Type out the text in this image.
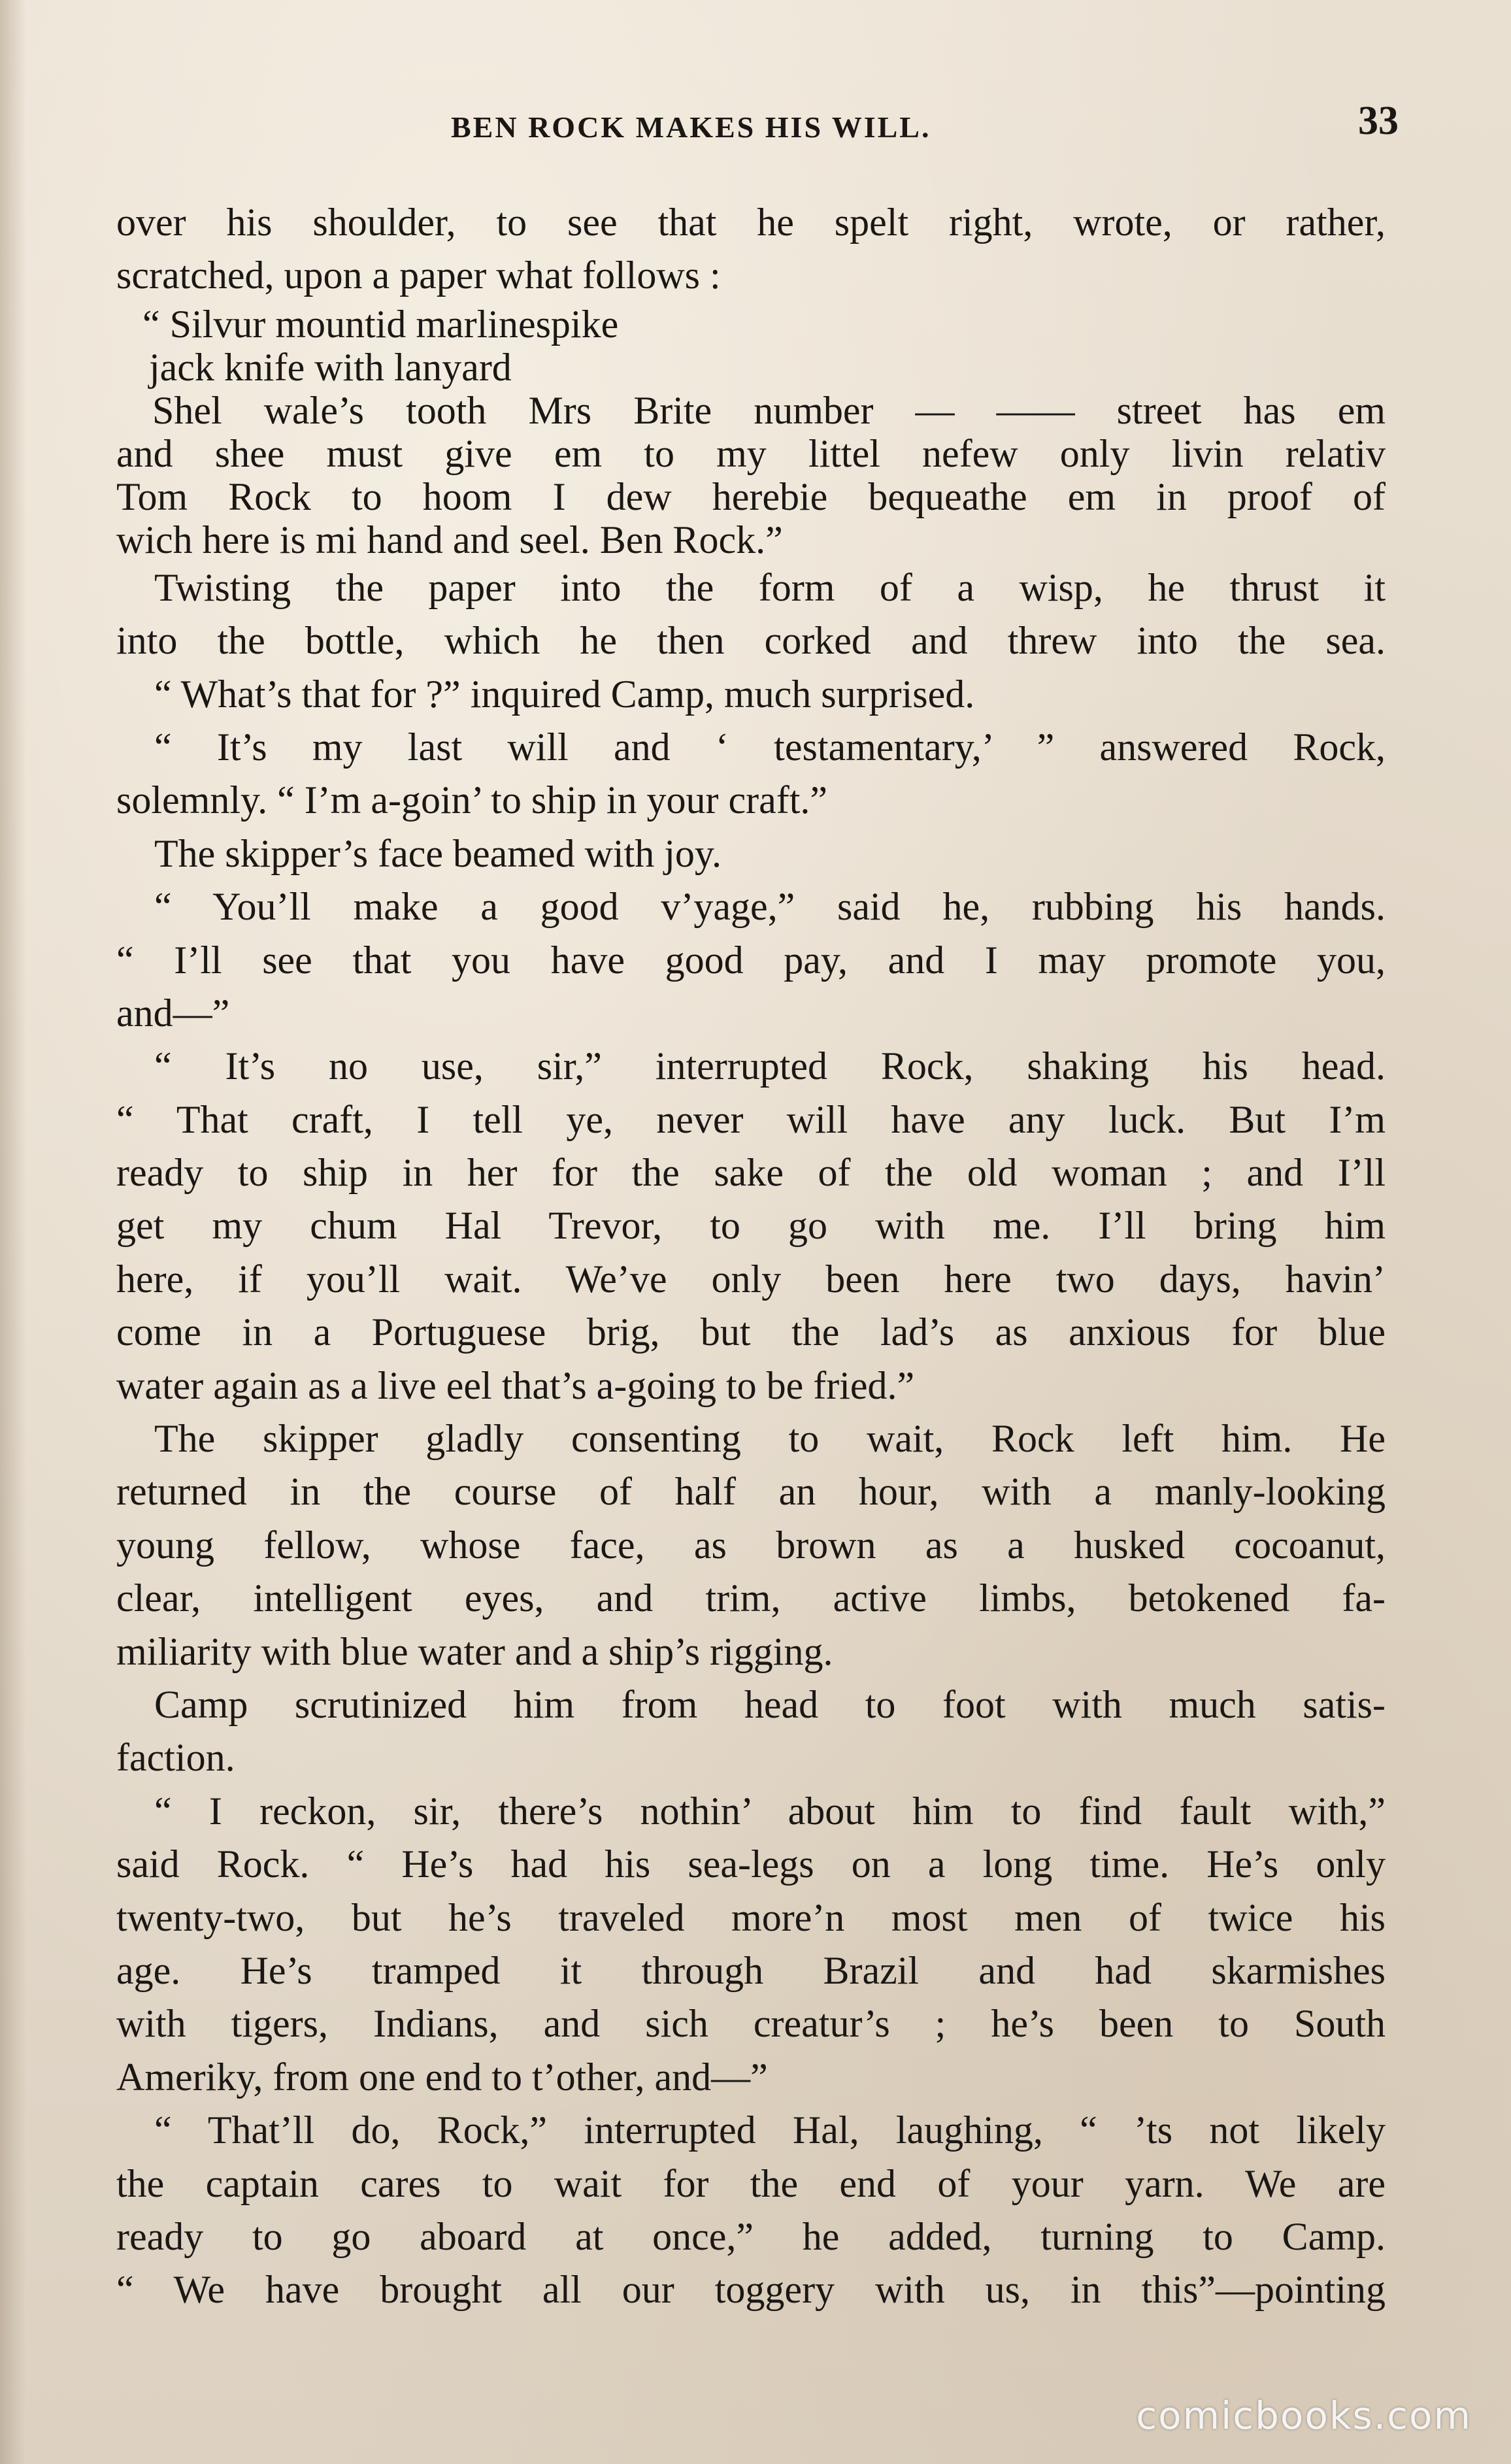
BEN ROCK MAKES HIS WILL.	33
over his shoulder, to see that he spelt right, wrote, or rather,
scratched, upon a paper what follows :
“ Silvur mountid marlinespike
jack knife with lanyard
Shel wale’s tooth Mrs Brite number — —— street has em
and shee must give em to my littel nefew only livin relativ
Tom Rock to hoom I dew herebie bequeathe em in proof of
wich here is mi hand and seel. Ben Rock.”
Twisting the paper into the form of a wisp, he thrust it
into the bottle, which he then corked and threw into the sea.
“ What’s that for ?” inquired Camp, much surprised.
“ It’s my last will and ‘ testamentary,’ ” answered Rock,
solemnly. “ I’m a-goin’ to ship in your craft.”
The skipper’s face beamed with joy.
“ You’ll make a good v’yage,” said he, rubbing his hands.
“ I’ll see that you have good pay, and I may promote you,
and—”
“ It’s no use, sir,” interrupted Rock, shaking his head.
“ That craft, I tell ye, never will have any luck. But I’m
ready to ship in her for the sake of the old woman ; and I’ll
get my chum Hal Trevor, to go with me. I’ll bring him
here, if you’ll wait. We’ve only been here two days, havin’
come in a Portuguese brig, but the lad’s as anxious for blue
water again as a live eel that’s a-going to be fried.”
The skipper gladly consenting to wait, Rock left him. He
returned in the course of half an hour, with a manly-looking
young fellow, whose face, as brown as a husked cocoanut,
clear, intelligent eyes, and trim, active limbs, betokened fa-
miliarity with blue water and a ship’s rigging.
Camp scrutinized him from head to foot with much satis-
faction.
“ I reckon, sir, there’s nothin’ about him to find fault with,”
said Rock. “ He’s had his sea-legs on a long time. He’s only
twenty-two, but he’s traveled more’n most men of twice his
age. He’s tramped it through Brazil and had skarmishes
with tigers, Indians, and sich creatur’s ; he’s been to South
Ameriky, from one end to t’other, and—”
“ That’ll do, Rock,” interrupted Hal, laughing, “ ’ts not likely
the captain cares to wait for the end of your yarn. We are
ready to go aboard at once,” he added, turning to Camp.
“ We have brought all our toggery with us, in this”—pointing
comicbooks.com
